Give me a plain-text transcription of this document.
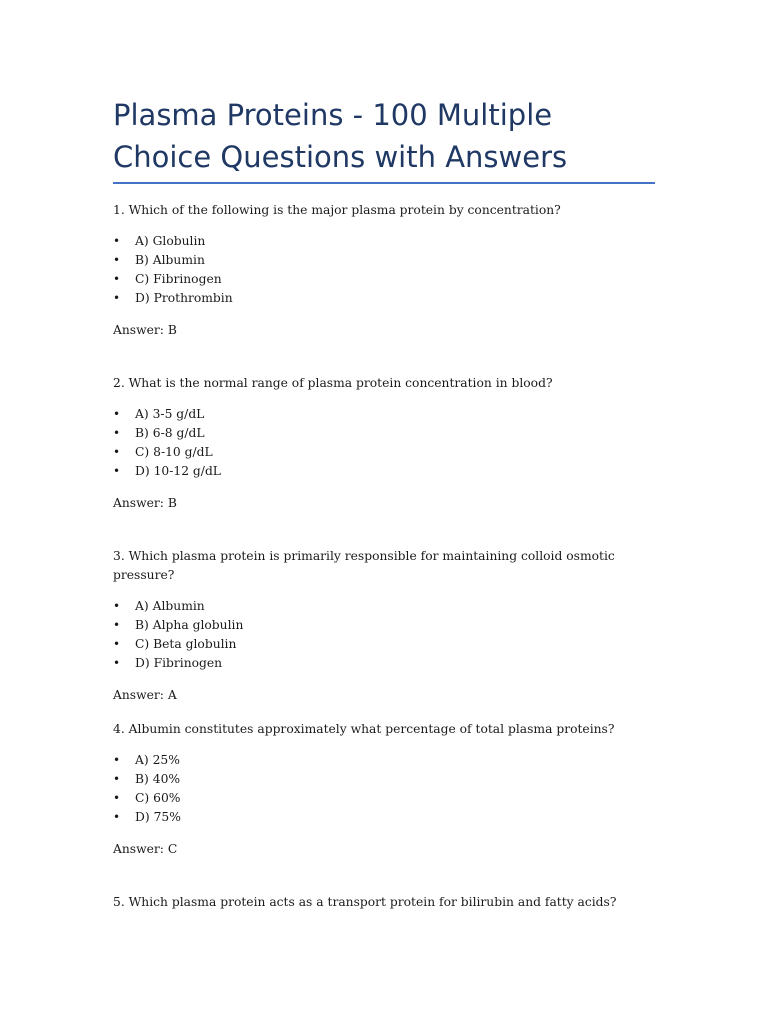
Plasma Proteins - 100 Multiple Choice Questions with Answers

1. Which of the following is the major plasma protein by concentration?

• A) Globulin
• B) Albumin
• C) Fibrinogen
• D) Prothrombin

Answer: B

2. What is the normal range of plasma protein concentration in blood?

• A) 3-5 g/dL
• B) 6-8 g/dL
• C) 8-10 g/dL
• D) 10-12 g/dL

Answer: B

3. Which plasma protein is primarily responsible for maintaining colloid osmotic pressure?

• A) Albumin
• B) Alpha globulin
• C) Beta globulin
• D) Fibrinogen

Answer: A

4. Albumin constitutes approximately what percentage of total plasma proteins?

• A) 25%
• B) 40%
• C) 60%
• D) 75%

Answer: C

5. Which plasma protein acts as a transport protein for bilirubin and fatty acids?
